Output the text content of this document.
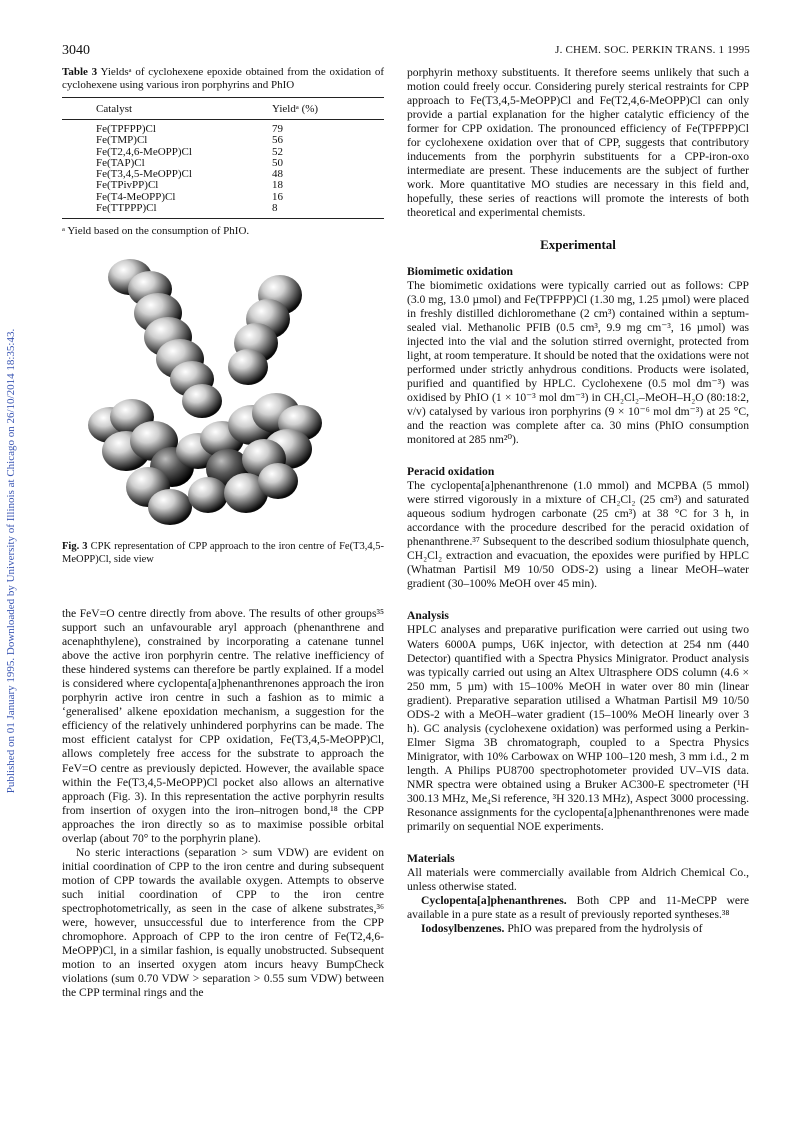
Published on 01 January 1995. Downloaded by University of Illinois at Chicago on 26/10/2014 18:35:43.
3040	J. CHEM. SOC. PERKIN TRANS. 1 1995

Table 3 Yieldsᵃ of cyclohexene epoxide obtained from the oxidation of cyclohexene using various iron porphyrins and PhIO

Catalyst	Yieldᵃ (%)
Fe(TPFPP)Cl	79
Fe(TMP)Cl	56
Fe(T2,4,6-MeOPP)Cl	52
Fe(TAP)Cl	50
Fe(T3,4,5-MeOPP)Cl	48
Fe(TPivPP)Cl	18
Fe(T4-MeOPP)Cl	16
Fe(TTPPP)Cl	8
ᵃ Yield based on the consumption of PhIO.

Fig. 3 CPK representation of CPP approach to the iron centre of Fe(T3,4,5-MeOPP)Cl, side view

the FeV=O centre directly from above. The results of other groups³⁵ support such an unfavourable aryl approach (phenanthrene and acenaphthylene), constrained by incorporating a catenane tunnel above the active iron porphyrin centre. The relative inefficiency of these hindered systems can therefore be partly explained. If a model is considered where cyclopenta[a]phenanthrenones approach the iron porphyrin active iron centre in such a fashion as to mimic a ‘generalised’ alkene epoxidation mechanism, a suggestion for the efficiency of the relatively unhindered porphyrins can be made. The most efficient catalyst for CPP oxidation, Fe(T3,4,5-MeOPP)Cl, allows completely free access for the substrate to approach the FeV=O centre as previously depicted. However, the available space within the Fe(T3,4,5-MeOPP)Cl pocket also allows an alternative approach (Fig. 3). In this representation the active porphyrin results from insertion of oxygen into the iron–nitrogen bond,¹⁸ the CPP approaches the iron directly so as to maximise possible orbital overlap (about 70° to the porphyrin plane).

No steric interactions (separation > sum VDW) are evident on initial coordination of CPP to the iron centre and during subsequent motion of CPP towards the available oxygen. Attempts to observe such initial coordination of CPP to the iron centre spectrophotometrically, as seen in the case of alkene substrates,³⁶ were, however, unsuccessful due to interference from the CPP chromophore. Approach of CPP to the iron centre of Fe(T2,4,6-MeOPP)Cl, in a similar fashion, is equally unobstructed. Subsequent motion to an inserted oxygen atom incurs heavy BumpCheck violations (sum 0.70 VDW > separation > 0.55 sum VDW) between the CPP terminal rings and the

porphyrin methoxy substituents. It therefore seems unlikely that such a motion could freely occur. Considering purely sterical restraints for CPP approach to Fe(T3,4,5-MeOPP)Cl and Fe(T2,4,6-MeOPP)Cl can only provide a partial explanation for the higher catalytic efficiency of the former for CPP oxidation. The pronounced efficiency of Fe(TPFPP)Cl for cyclohexene oxidation over that of CPP, suggests that contributory inducements from the porphyrin substituents for a CPP-iron-oxo intermediate are present. These inducements are the subject of further work. More quantitative MO studies are necessary in this field and, hopefully, these series of reactions will promote the interests of both theoretical and experimental chemists.

Experimental
Biomimetic oxidation

The biomimetic oxidations were typically carried out as follows: CPP (3.0 mg, 13.0 µmol) and Fe(TPFPP)Cl (1.30 mg, 1.25 µmol) were placed in freshly distilled dichloromethane (2 cm³) contained within a septum-sealed vial. Methanolic PFIB (0.5 cm³, 9.9 mg cm⁻³, 16 µmol) was injected into the vial and the solution stirred overnight, protected from light, at room temperature. It should be noted that the oxidations were not performed under strictly anhydrous conditions. Products were isolated, purified and quantified by HPLC. Cyclohexene (0.5 mol dm⁻³) was oxidised by PhIO (1 × 10⁻³ mol dm⁻³) in CH₂Cl₂–MeOH–H₂O (80:18:2, v/v) catalysed by various iron porphyrins (9 × 10⁻⁶ mol dm⁻³) at 25 °C, and the reaction was complete after ca. 30 mins (PhIO consumption monitored at 285 nm²⁰).

Peracid oxidation

The cyclopenta[a]phenanthrenone (1.0 mmol) and MCPBA (5 mmol) were stirred vigorously in a mixture of CH₂Cl₂ (25 cm³) and saturated aqueous sodium hydrogen carbonate (25 cm³) at 38 °C for 3 h, in accordance with the procedure described for the peracid oxidation of phenanthrene.³⁷ Subsequent to the described sodium thiosulphate quench, CH₂Cl₂ extraction and evacuation, the epoxides were purified by HPLC (Whatman Partisil M9 10/50 ODS-2) using a linear MeOH–water gradient (30–100% MeOH over 45 min).

Analysis

HPLC analyses and preparative purification were carried out using two Waters 6000A pumps, U6K injector, with detection at 254 nm (440 Detector) quantified with a Spectra Physics Minigrator. Product analysis was typically carried out using an Altex Ultrasphere ODS column (4.6 × 250 mm, 5 µm) with 15–100% MeOH in water over 80 min (linear gradient). Preparative separation utilised a Whatman Partisil M9 10/50 ODS-2 with a MeOH–water gradient (15–100% MeOH linearly over 3 h). GC analysis (cyclohexene oxidation) was performed using a Perkin-Elmer Sigma 3B chromatograph, coupled to a Spectra Physics Minigrator, with 10% Carbowax on WHP 100–120 mesh, 3 mm i.d., 2 m length. A Philips PU8700 spectrophotometer provided UV–VIS data. NMR spectra were obtained using a Bruker AC300-E spectrometer (¹H 300.13 MHz, Me₄Si reference, ³H 320.13 MHz), Aspect 3000 processing. Resonance assignments for the cyclopenta[a]phenanthrenones were made primarily on sequential NOE experiments.

Materials

All materials were commercially available from Aldrich Chemical Co., unless otherwise stated.

Cyclopenta[a]phenanthrenes. Both CPP and 11-MeCPP were available in a pure state as a result of previously reported syntheses.³⁸

Iodosylbenzenes. PhIO was prepared from the hydrolysis of
